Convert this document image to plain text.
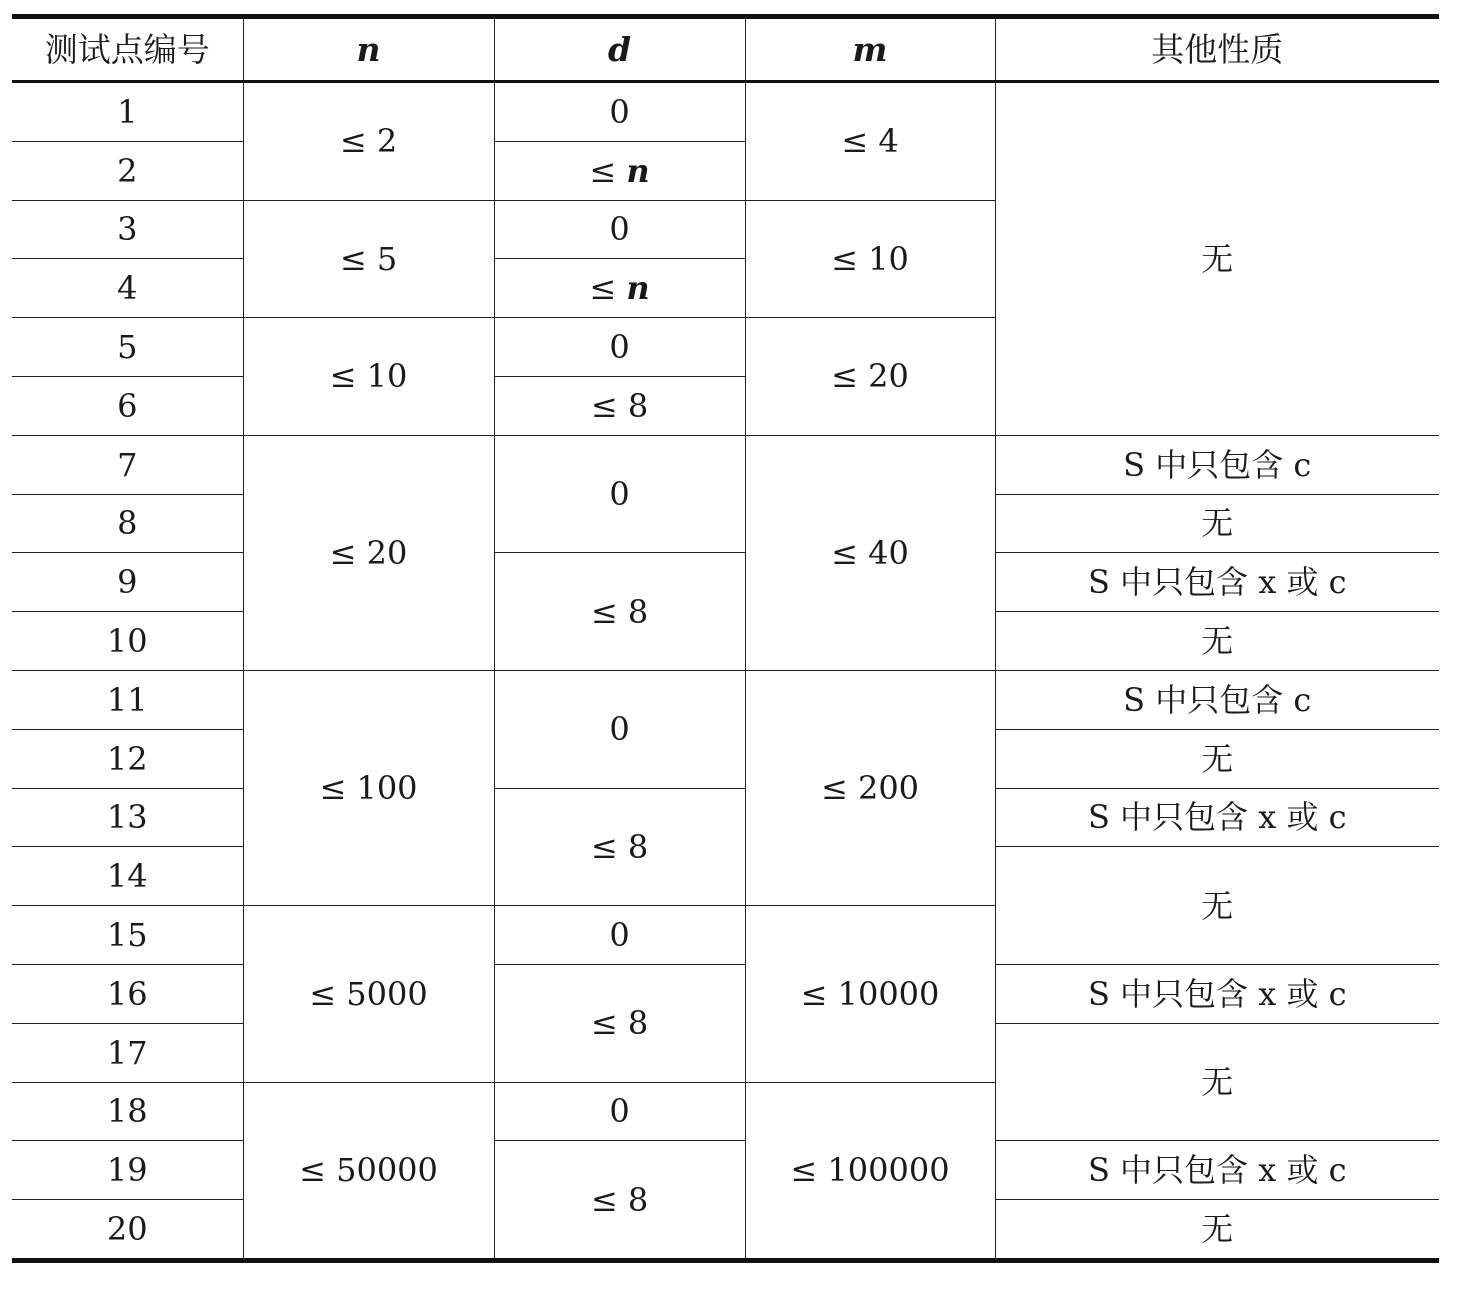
测试点编号	n	d	m	其他性质
1	≤ 2	0	≤ 4	无
2		≤ n		
3	≤ 5	0	≤ 10	
4		≤ n		
5	≤ 10	0	≤ 20	
6		≤ 8		
7	≤ 20	0	≤ 40	S 中只包含 c
8				无
9		≤ 8		S 中只包含 x 或 c
10				无
11	≤ 100	0	≤ 200	S 中只包含 c
12				无
13		≤ 8		S 中只包含 x 或 c
14				无
15	≤ 5000	0	≤ 10000	
16		≤ 8		S 中只包含 x 或 c
17				无
18	≤ 50000	0	≤ 100000	
19		≤ 8		S 中只包含 x 或 c
20				无
